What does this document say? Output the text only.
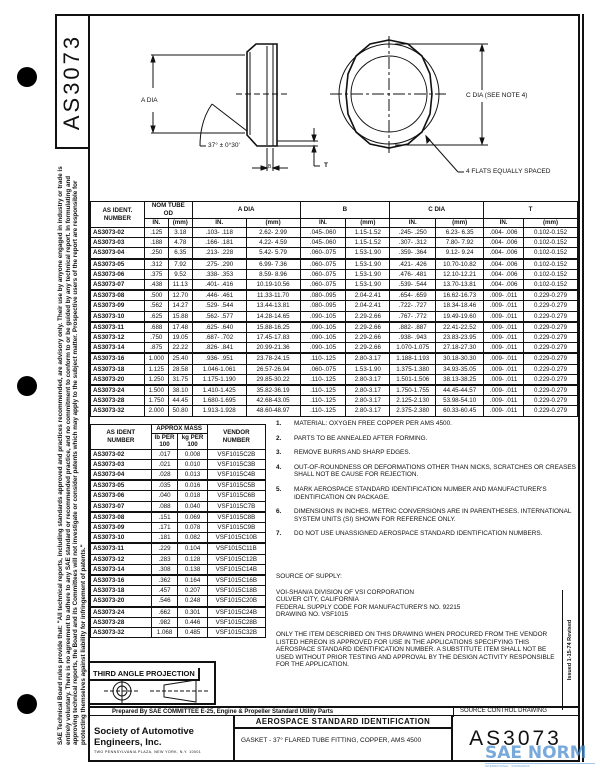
AS3073

SAE Technical Board rules provide that: "All technical reports, including standards approved and practices recommended, are advisory only. Their use by anyone engaged in industry or trade is entirely voluntary. There is no agreement to adhere to any SAE standard or recommended practice, and no commitment to conform to or be guided by any technical report. In formulating and approving technical reports, the Board and its Committees will not investigate or consider patents which may apply to the subject matter. Prospective users of the report are responsible for protecting themselves against liability for infringement of patents."

A DIA
37° ± 0°30'
B	T
C DIA (SEE NOTE 4)
4 FLATS EQUALLY SPACED
AS IDENT. NUMBER	NOM TUBE OD		A DIA		B		C DIA		T	
	IN.	(mm)	IN.	(mm)	IN.	(mm)	IN.	(mm)	IN.	(mm)
AS3073-02	.125	3.18	.103- .118	2.62- 2.99	.045-.060	1.15-1.52	.245- .250	6.23- 6.35	.004- .006	0.102-0.152
AS3073-03	.188	4.78	.166- .181	4.22- 4.59	.045-.060	1.15-1.52	.307- .312	7.80- 7.92	.004- .006	0.102-0.152
AS3073-04	.250	6.35	.213- .228	5.42- 5.79	.060-.075	1.53-1.90	.359- .364	9.12- 9.24	.004- .006	0.102-0.152
AS3073-05	.312	7.92	.275- .290	6.99- 7.36	.060-.075	1.53-1.90	.421- .426	10.70-10.82	.004- .006	0.102-0.152
AS3073-06	.375	9.52	.338- .353	8.59- 8.96	.060-.075	1.53-1.90	.476- .481	12.10-12.21	.004- .006	0.102-0.152
AS3073-07	.438	11.13	.401- .416	10.19-10.56	.060-.075	1.53-1.90	.539- .544	13.70-13.81	.004- .006	0.102-0.152
AS3073-08	.500	12.70	.446- .461	11.33-11.70	.080-.095	2.04-2.41	.654- .659	16.62-16.73	.009- .011	0.229-0.279
AS3073-09	.562	14.27	.529- .544	13.44-13.81	.080-.095	2.04-2.41	.722- .727	18.34-18.46	.009- .011	0.229-0.279
AS3073-10	.625	15.88	.562- .577	14.28-14.65	.090-.105	2.29-2.66	.767- .772	19.49-19.60	.009- .011	0.229-0.279
AS3073-11	.688	17.48	.625- .640	15.88-16.25	.090-.105	2.29-2.66	.882- .887	22.41-22.52	.009- .011	0.229-0.279
AS3073-12	.750	19.05	.687- .702	17.45-17.83	.090-.105	2.29-2.66	.938- .943	23.83-23.95	.009- .011	0.229-0.279
AS3073-14	.875	22.22	.826- .841	20.99-21.36	.090-.105	2.29-2.66	1.070-1.075	27.18-27.30	.009- .011	0.229-0.279
AS3073-16	1.000	25.40	.936- .951	23.78-24.15	.110-.125	2.80-3.17	1.188-1.193	30.18-30.30	.009- .011	0.229-0.279
AS3073-18	1.125	28.58	1.046-1.061	26.57-26.94	.060-.075	1.53-1.90	1.375-1.380	34.93-35.05	.009- .011	0.229-0.279
AS3073-20	1.250	31.75	1.175-1.190	29.85-30.22	.110-.125	2.80-3.17	1.501-1.506	38.13-38.25	.009- .011	0.229-0.279
AS3073-24	1.500	38.10	1.410-1.425	35.82-36.19	.110-.125	2.80-3.17	1.750-1.755	44.45-44.57	.009- .011	0.229-0.279
AS3073-28	1.750	44.45	1.680-1.695	42.68-43.05	.110-.125	2.80-3.17	2.125-2.130	53.98-54.10	.009- .011	0.229-0.279
AS3073-32	2.000	50.80	1.913-1.928	48.60-48.97	.110-.125	2.80-3.17	2.375-2.380	60.33-60.45	.009- .011	0.229-0.279
AS IDENT NUMBER	APPROX MASS		VENDOR NUMBER
	lb PER 100	kg PER 100	
AS3073-02	.017	0.008	VSF1015C2B
AS3073-03	.021	0.010	VSF1015C3B
AS3073-04	.028	0.013	VSF1015C4B
AS3073-05	.035	0.016	VSF1015C5B
AS3073-06	.040	0.018	VSF1015C6B
AS3073-07	.088	0.040	VSF1015C7B
AS3073-08	.151	0.069	VSF1015C8B
AS3073-09	.171	0.078	VSF1015C9B
AS3073-10	.181	0.082	VSF1015C10B
AS3073-11	.229	0.104	VSF1015C11B
AS3073-12	.283	0.128	VSF1015C12B
AS3073-14	.308	0.138	VSF1015C14B
AS3073-16	.362	0.164	VSF1015C16B
AS3073-18	.457	0.207	VSF1015C18B
AS3073-20	.546	0.248	VSF1015C20B
AS3073-24	.662	0.301	VSF1015C24B
AS3073-28	.982	0.446	VSF1015C28B
AS3073-32	1.068	0.485	VSF1015C32B
1.	MATERIAL: OXYGEN FREE COPPER PER AMS 4500.
2.	PARTS TO BE ANNEALED AFTER FORMING.
3.	REMOVE BURRS AND SHARP EDGES.
4.	OUT-OF-ROUNDNESS OR DEFORMATIONS OTHER THAN NICKS, SCRATCHES OR CREASES SHALL NOT BE CAUSE FOR REJECTION.
5.	MARK AEROSPACE STANDARD IDENTIFICATION NUMBER AND MANUFACTURER'S IDENTIFICATION ON PACKAGE.
6.	DIMENSIONS IN INCHES. METRIC CONVERSIONS ARE IN PARENTHESES. INTERNATIONAL SYSTEM UNITS (SI) SHOWN FOR REFERENCE ONLY.
7.	DO NOT USE UNASSIGNED AEROSPACE STANDARD IDENTIFICATION NUMBERS.
SOURCE OF SUPPLY:
VOI-SHAN/A DIVISION OF VSI CORPORATION
CULVER CITY, CALIFORNIA
FEDERAL SUPPLY CODE FOR MANUFACTURER'S NO. 92215
DRAWING NO. VSF1015
ONLY THE ITEM DESCRIBED ON THIS DRAWING WHEN PROCURED FROM THE VENDOR LISTED HEREON IS APPROVED FOR USE IN THE APPLICATIONS SPECIFYING THIS AEROSPACE STANDARD IDENTIFICATION NUMBER. A SUBSTITUTE ITEM SHALL NOT BE USED WITHOUT PRIOR TESTING AND APPROVAL BY THE DESIGN ACTIVITY RESPONSIBLE FOR THE APPLICATION.	Issued 1-15-74 Revised
THIRD ANGLE PROJECTION
Prepared By SAE COMMITTEE E-25, Engine & Propeller Standard Utility Parts	SOURCE CONTROL DRAWING
Society of Automotive Engineers, Inc.
TWO PENNSYLVANIA PLAZA, NEW YORK, N.Y. 10001
AEROSPACE STANDARD IDENTIFICATION
GASKET - 37° FLARED TUBE FITTING, COPPER, AMS 4500	AS3073
SAE NORM
INTERNATIONAL · STANDARDS
